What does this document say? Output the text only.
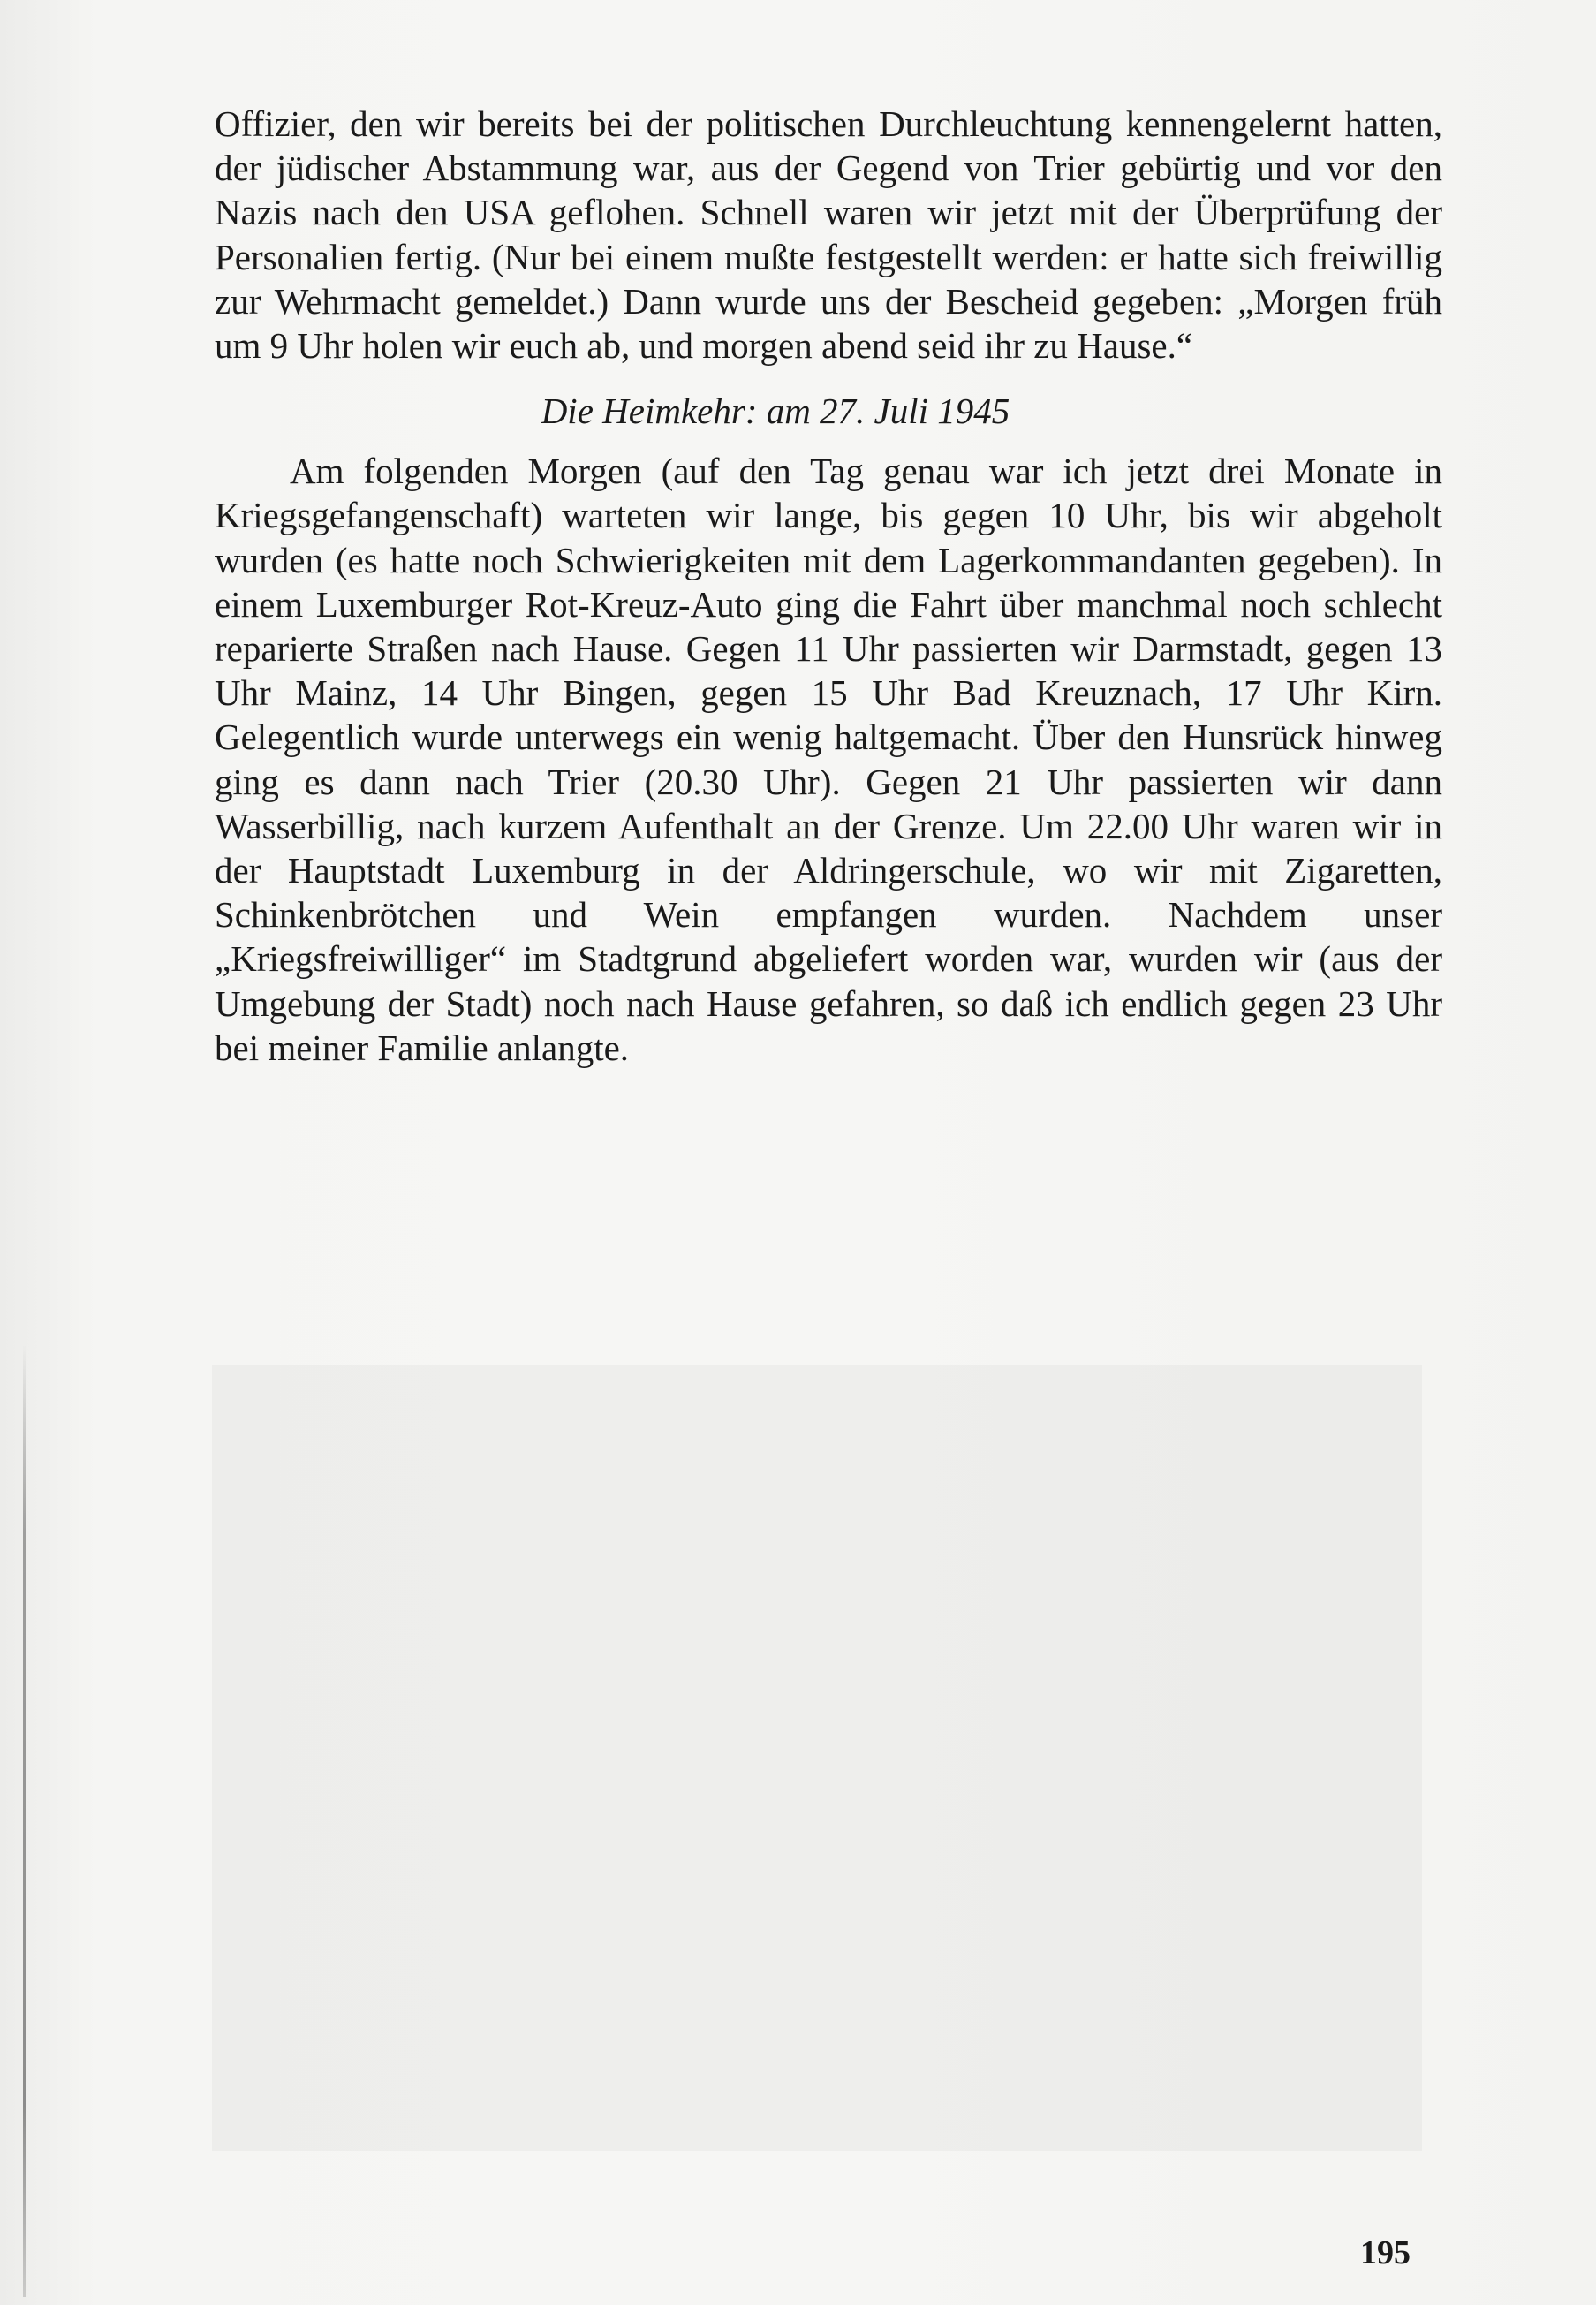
Offizier, den wir bereits bei der politischen Durchleuchtung kennengelernt hatten, der jüdischer Abstammung war, aus der Gegend von Trier gebürtig und vor den Nazis nach den USA geflohen. Schnell waren wir jetzt mit der Überprüfung der Personalien fertig. (Nur bei einem mußte festgestellt werden: er hatte sich freiwillig zur Wehrmacht gemeldet.) Dann wurde uns der Bescheid gegeben: „Morgen früh um 9 Uhr holen wir euch ab, und morgen abend seid ihr zu Hause.“

Die Heimkehr: am 27. Juli 1945

Am folgenden Morgen (auf den Tag genau war ich jetzt drei Monate in Kriegsgefangenschaft) warteten wir lange, bis gegen 10 Uhr, bis wir abgeholt wurden (es hatte noch Schwierigkeiten mit dem Lagerkommandanten gegeben). In einem Luxemburger Rot-Kreuz-Auto ging die Fahrt über manchmal noch schlecht reparierte Straßen nach Hause. Gegen 11 Uhr passierten wir Darmstadt, gegen 13 Uhr Mainz, 14 Uhr Bingen, gegen 15 Uhr Bad Kreuznach, 17 Uhr Kirn. Gelegentlich wurde unterwegs ein wenig haltgemacht. Über den Hunsrück hinweg ging es dann nach Trier (20.30 Uhr). Gegen 21 Uhr passierten wir dann Wasserbillig, nach kurzem Aufenthalt an der Grenze. Um 22.00 Uhr waren wir in der Hauptstadt Luxemburg in der Aldringerschule, wo wir mit Zigaretten, Schinkenbrötchen und Wein empfangen wurden. Nachdem unser „Kriegsfreiwilliger“ im Stadtgrund abgeliefert worden war, wurden wir (aus der Umgebung der Stadt) noch nach Hause gefahren, so daß ich endlich gegen 23 Uhr bei meiner Familie anlangte.

195
